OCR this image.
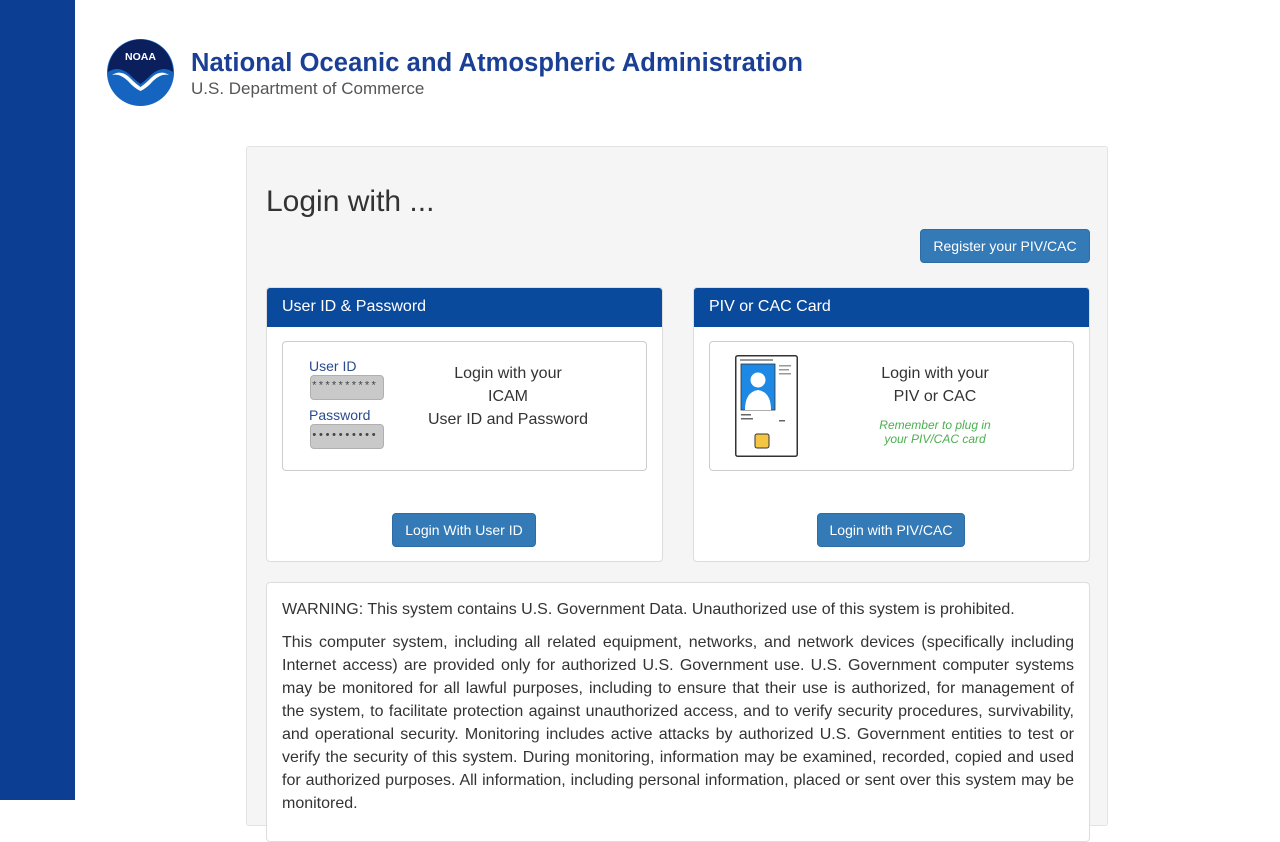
NOAA National Oceanic and Atmospheric Administration
U.S. Department of Commerce
Login with ...
Register your PIV/CAC
User ID & Password
User ID
**********
Password
••••••••••
Login with your
ICAM
User ID and Password
Login With User ID
PIV or CAC Card
Login with your
PIV or CAC
Remember to plug in
your PIV/CAC card
Login with PIV/CAC

WARNING: This system contains U.S. Government Data. Unauthorized use of this system is prohibited.

This computer system, including all related equipment, networks, and network devices (specifically including Internet access) are provided only for authorized U.S. Government use. U.S. Government computer systems may be monitored for all lawful purposes, including to ensure that their use is authorized, for management of the system, to facilitate protection against unauthorized access, and to verify security procedures, survivability, and operational security. Monitoring includes active attacks by authorized U.S. Government entities to test or verify the security of this system. During monitoring, information may be examined, recorded, copied and used for authorized purposes. All information, including personal information, placed or sent over this system may be monitored.
